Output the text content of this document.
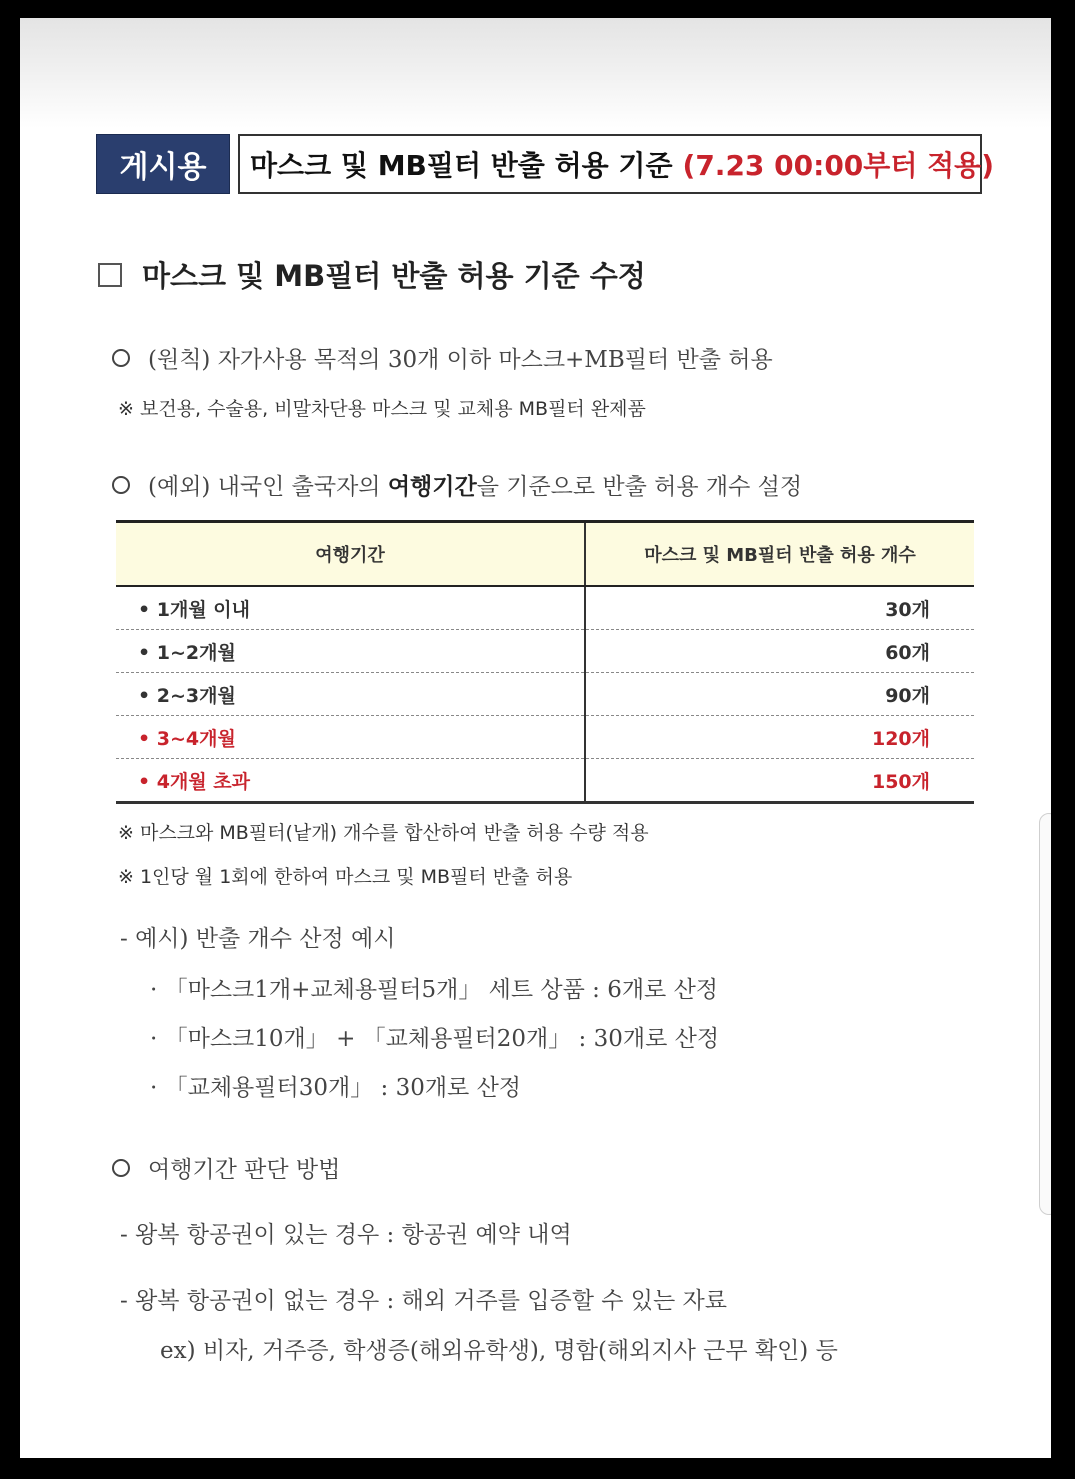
게시용	마스크 및 MB필터 반출 허용 기준 (7.23 00:00부터 적용)
마스크 및 MB필터 반출 허용 기준 수정
(원칙) 자가사용 목적의 30개 이하 마스크+MB필터 반출 허용
※ 보건용, 수술용, 비말차단용 마스크 및 교체용 MB필터 완제품
(예외) 내국인 출국자의 여행기간을 기준으로 반출 허용 개수 설정
여행기간	마스크 및 MB필터 반출 허용 개수
• 1개월 이내	30개
• 1~2개월	60개
• 2~3개월	90개
• 3~4개월	120개
• 4개월 초과	150개
※ 마스크와 MB필터(낱개) 개수를 합산하여 반출 허용 수량 적용
※ 1인당 월 1회에 한하여 마스크 및 MB필터 반출 허용
- 예시) 반출 개수 산정 예시
· 「마스크1개+교체용필터5개」 세트 상품 : 6개로 산정
· 「마스크10개」 + 「교체용필터20개」 : 30개로 산정
· 「교체용필터30개」 : 30개로 산정
여행기간 판단 방법
- 왕복 항공권이 있는 경우 : 항공권 예약 내역
- 왕복 항공권이 없는 경우 : 해외 거주를 입증할 수 있는 자료
ex) 비자, 거주증, 학생증(해외유학생), 명함(해외지사 근무 확인) 등
